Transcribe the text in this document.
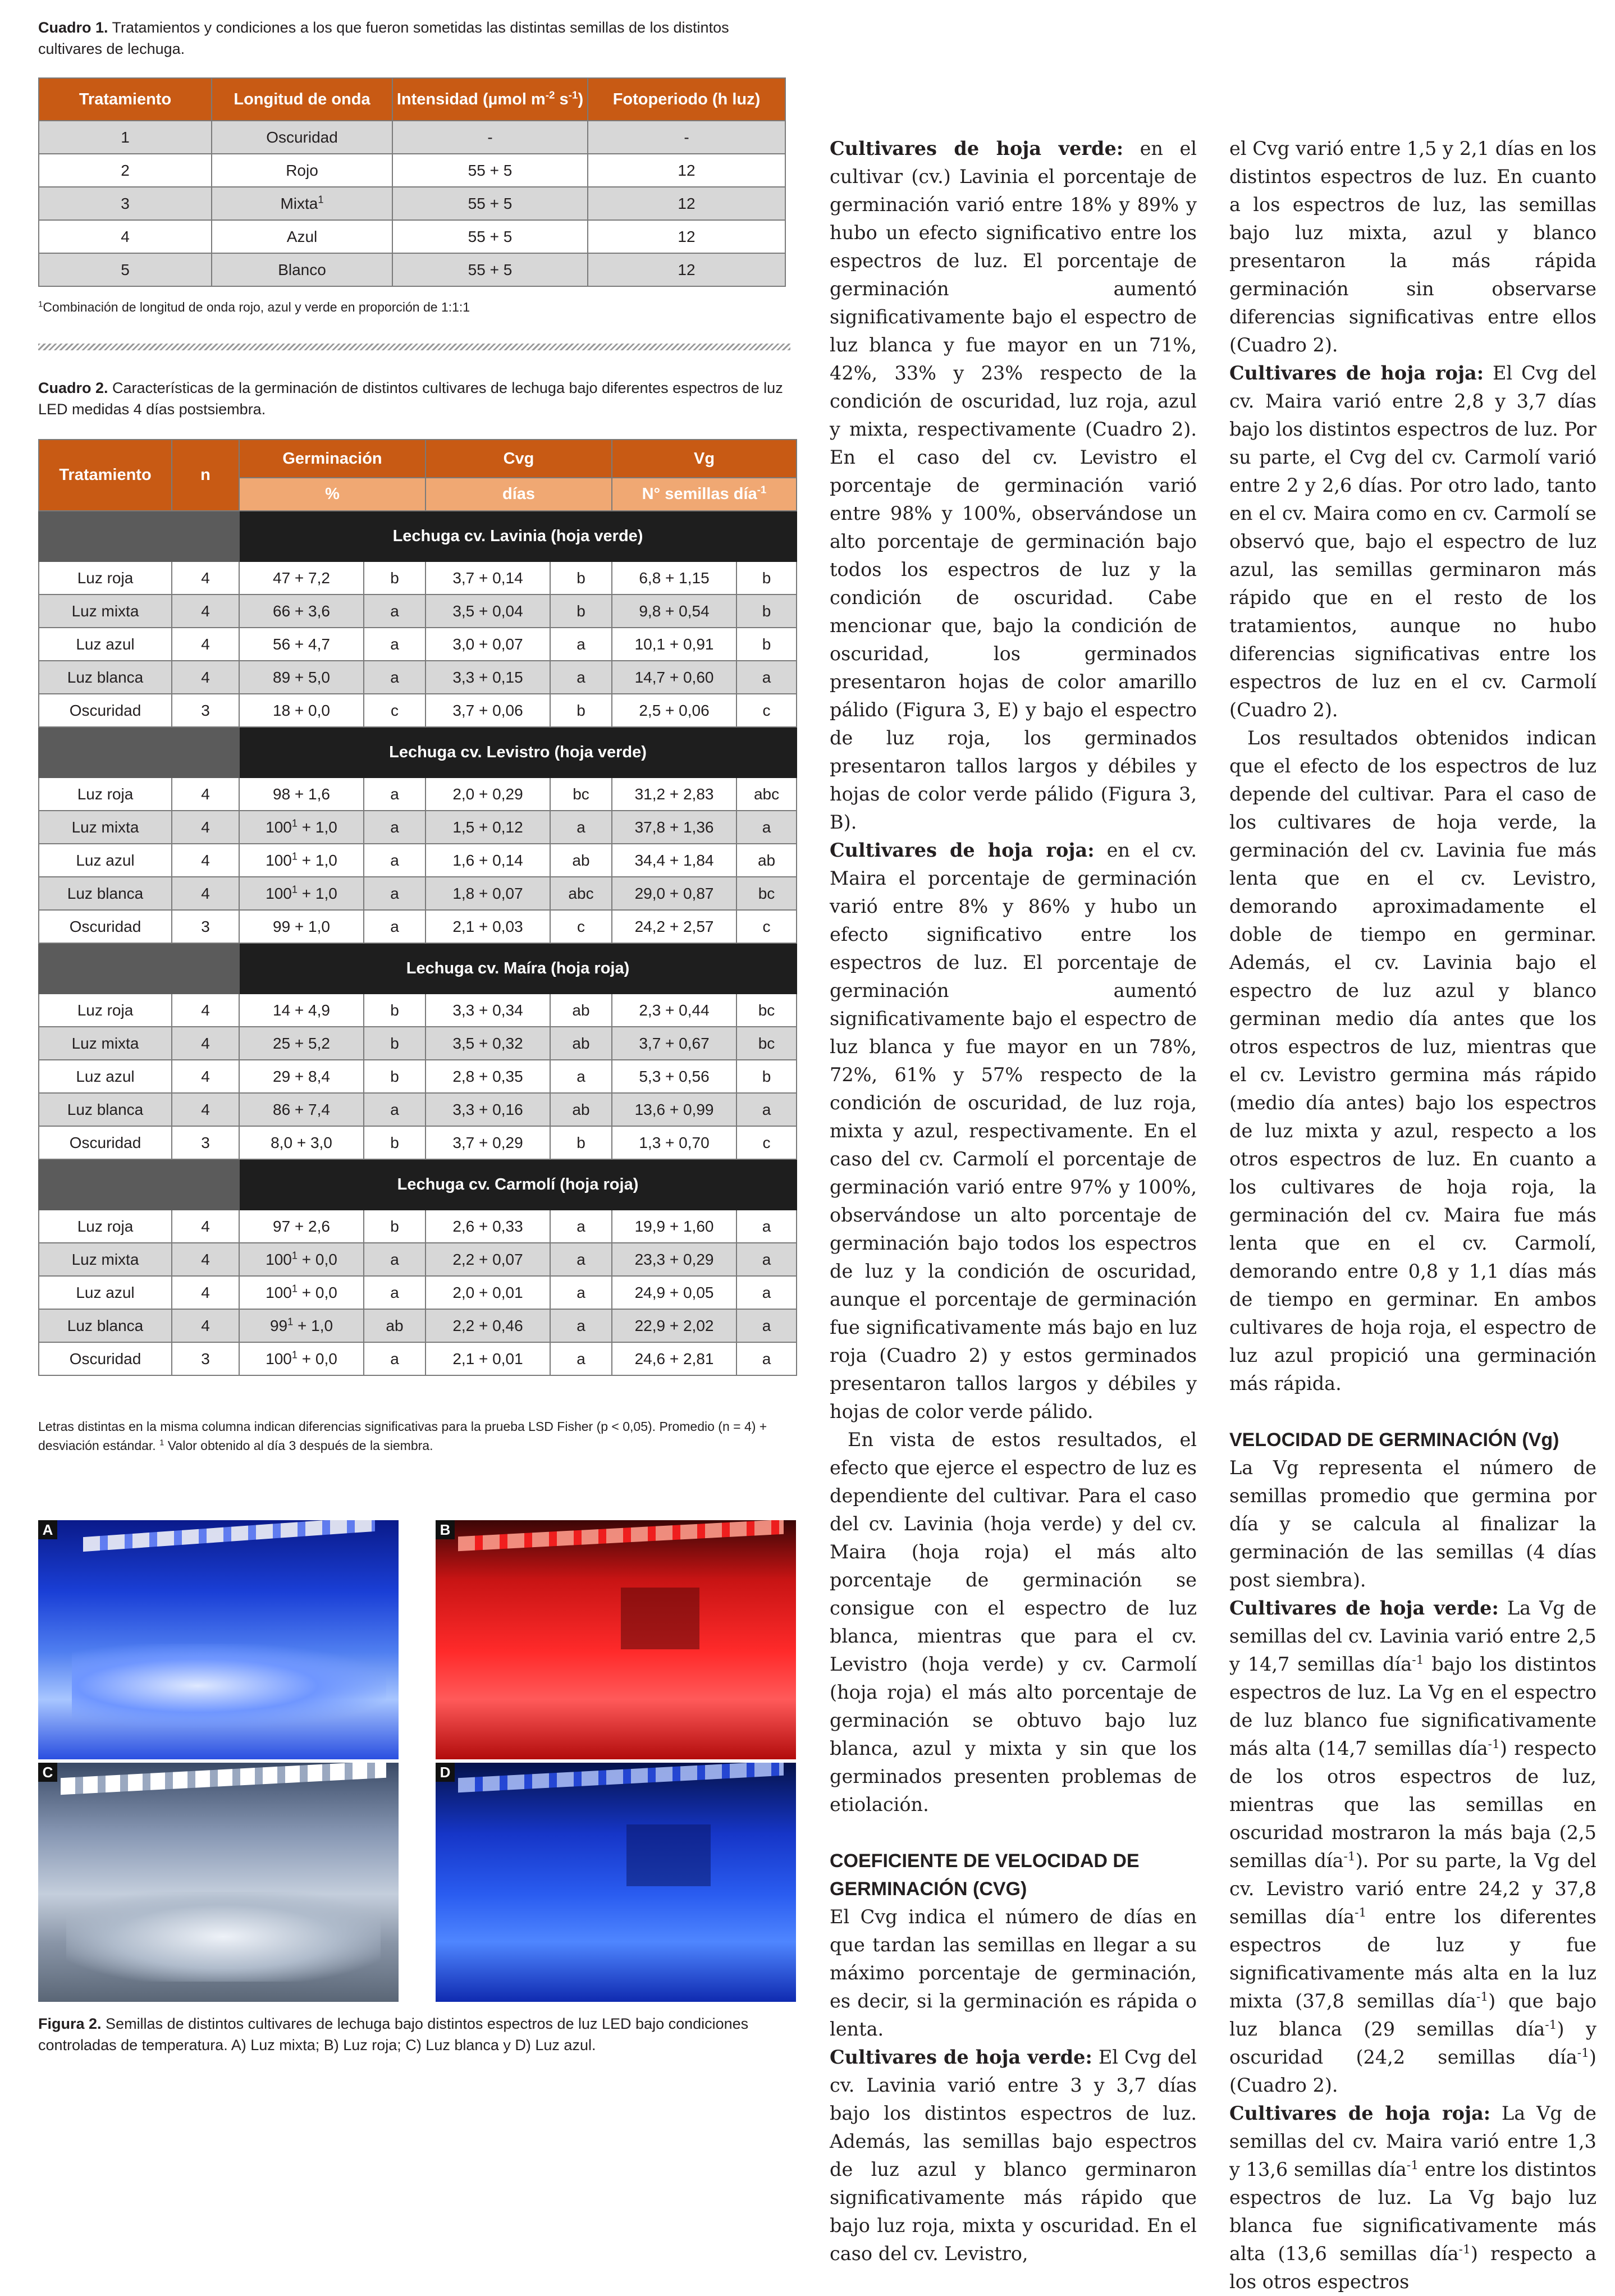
Cuadro 1. Tratamientos y condiciones a los que fueron sometidas las distintas semillas de los distintos cultivares de lechuga.
Tratamiento	Longitud de onda	Intensidad (µmol $m^{-2}$ $s^{-1}$)	Fotoperiodo (h luz)
1	Oscuridad	-	-
2	Rojo	55 + 5	12
3	Mixta$^1$	55 + 5	12
4	Azul	55 + 5	12
5	Blanco	55 + 5	12
$^1$Combinación de longitud de onda rojo, azul y verde en proporción de 1:1:1
Cuadro 2. Características de la germinación de distintos cultivares de lechuga bajo diferentes espectros de luz LED medidas 4 días postsiembra.
Tratamiento	n	Germinación		Cvg		Vg	
		%		días		N° semillas día$^{-1}$
		Lechuga cv. Lavinia (hoja verde)					
Luz roja	4	47 + 7,2	b	3,7 + 0,14	b	6,8 + 1,15	b
Luz mixta	4	66 + 3,6	a	3,5 + 0,04	b	9,8 + 0,54	b
Luz azul	4	56 + 4,7	a	3,0 + 0,07	a	10,1 + 0,91	b
Luz blanca	4	89 + 5,0	a	3,3 + 0,15	a	14,7 + 0,60	a
Oscuridad	3	18 + 0,0	c	3,7 + 0,06	b	2,5 + 0,06	c
		Lechuga cv. Levistro (hoja verde)					
Luz roja	4	98 + 1,6	a	2,0 + 0,29	bc	31,2 + 2,83	abc
Luz mixta	4	$100^1 + 1,0$	a	1,5 + 0,12	a	37,8 + 1,36	a
Luz azul	4	$100^1 + 1,0$	a	1,6 + 0,14	ab	34,4 + 1,84	ab
Luz blanca	4	$100^1 + 1,0$	a	1,8 + 0,07	abc	29,0 + 0,87	bc
Oscuridad	3	99 + 1,0	a	2,1 + 0,03	c	24,2 + 2,57	c
		Lechuga cv. Maíra (hoja roja)					
Luz roja	4	14 + 4,9	b	3,3 + 0,34	ab	2,3 + 0,44	bc
Luz mixta	4	25 + 5,2	b	3,5 + 0,32	ab	3,7 + 0,67	bc
Luz azul	4	29 + 8,4	b	2,8 + 0,35	a	5,3 + 0,56	b
Luz blanca	4	86 + 7,4	a	3,3 + 0,16	ab	13,6 + 0,99	a
Oscuridad	3	8,0 + 3,0	b	3,7 + 0,29	b	1,3 + 0,70	c
		Lechuga cv. Carmolí (hoja roja)					
Luz roja	4	97 + 2,6	b	2,6 + 0,33	a	19,9 + 1,60	a
Luz mixta	4	$100^1 + 0,0$	a	2,2 + 0,07	a	23,3 + 0,29	a
Luz azul	4	$100^1 + 0,0$	a	2,0 + 0,01	a	24,9 + 0,05	a
Luz blanca	4	$99^1 + 1,0$	ab	2,2 + 0,46	a	22,9 + 2,02	a
Oscuridad	3	$100^1 + 0,0$	a	2,1 + 0,01	a	24,6 + 2,81	a
Letras distintas en la misma columna indican diferencias significativas para la prueba LSD Fisher (p < 0,05). Promedio (n = 4) + desviación estándar. $^1$ Valor obtenido al día 3 después de la siembra.
A	B
C	D
Figura 2. Semillas de distintos cultivares de lechuga bajo distintos espectros de luz LED bajo condiciones controladas de temperatura. A) Luz mixta; B) Luz roja; C) Luz blanca y D) Luz azul.

Cultivares de hoja verde: en el cultivar (cv.) Lavinia el porcentaje de germinación varió entre 18% y 89% y hubo un efecto significativo entre los espectros de luz. El porcentaje de germinación aumentó significativamente bajo el espectro de luz blanca y fue mayor en un 71%, 42%, 33% y 23% respecto de la condición de oscuridad, luz roja, azul y mixta, respectivamente (Cuadro 2). En el caso del cv. Levistro el porcentaje de germinación varió entre 98% y 100%, observándose un alto porcentaje de germinación bajo todos los espectros de luz y la condición de oscuridad. Cabe mencionar que, bajo la condición de oscuridad, los germinados presentaron hojas de color amarillo pálido (Figura 3, E) y bajo el espectro de luz roja, los germinados presentaron tallos largos y débiles y hojas de color verde pálido (Figura 3, B).

Cultivares de hoja roja: en el cv. Maira el porcentaje de germinación varió entre 8% y 86% y hubo un efecto significativo entre los espectros de luz. El porcentaje de germinación aumentó significativamente bajo el espectro de luz blanca y fue mayor en un 78%, 72%, 61% y 57% respecto de la condición de oscuridad, de luz roja, mixta y azul, respectivamente. En el caso del cv. Carmolí el porcentaje de germinación varió entre 97% y 100%, observándose un alto porcentaje de germinación bajo todos los espectros de luz y la condición de oscuridad, aunque el porcentaje de germinación fue significativamente más bajo en luz roja (Cuadro 2) y estos germinados presentaron tallos largos y débiles y hojas de color verde pálido.

En vista de estos resultados, el efecto que ejerce el espectro de luz es dependiente del cultivar. Para el caso del cv. Lavinia (hoja verde) y del cv. Maira (hoja roja) el más alto porcentaje de germinación se consigue con el espectro de luz blanca, mientras que para el cv. Levistro (hoja verde) y cv. Carmolí (hoja roja) el más alto porcentaje de germinación se obtuvo bajo luz blanca, azul y mixta y sin que los germinados presenten problemas de etiolación.

COEFICIENTE DE VELOCIDAD DE GERMINACIÓN (CVG)

El Cvg indica el número de días en que tardan las semillas en llegar a su máximo porcentaje de germinación, es decir, si la germinación es rápida o lenta.

Cultivares de hoja verde: El Cvg del cv. Lavinia varió entre 3 y 3,7 días bajo los distintos espectros de luz. Además, las semillas bajo espectros de luz azul y blanco germinaron significativamente más rápido que bajo luz roja, mixta y oscuridad. En el caso del cv. Levistro,

el Cvg varió entre 1,5 y 2,1 días en los distintos espectros de luz. En cuanto a los espectros de luz, las semillas bajo luz mixta, azul y blanco presentaron la más rápida germinación sin observarse diferencias significativas entre ellos (Cuadro 2).

Cultivares de hoja roja: El Cvg del cv. Maira varió entre 2,8 y 3,7 días bajo los distintos espectros de luz. Por su parte, el Cvg del cv. Carmolí varió entre 2 y 2,6 días. Por otro lado, tanto en el cv. Maira como en cv. Carmolí se observó que, bajo el espectro de luz azul, las semillas germinaron más rápido que en el resto de los tratamientos, aunque no hubo diferencias significativas entre los espectros de luz en el cv. Carmolí (Cuadro 2).

Los resultados obtenidos indican que el efecto de los espectros de luz depende del cultivar. Para el caso de los cultivares de hoja verde, la germinación del cv. Lavinia fue más lenta que en el cv. Levistro, demorando aproximadamente el doble de tiempo en germinar. Además, el cv. Lavinia bajo el espectro de luz azul y blanco germinan medio día antes que los otros espectros de luz, mientras que el cv. Levistro germina más rápido (medio día antes) bajo los espectros de luz mixta y azul, respecto a los otros espectros de luz. En cuanto a los cultivares de hoja roja, la germinación del cv. Maira fue más lenta que en el cv. Carmolí, demorando entre 0,8 y 1,1 días más de tiempo en germinar. En ambos cultivares de hoja roja, el espectro de luz azul propició una germinación más rápida.

VELOCIDAD DE GERMINACIÓN (Vg)

La Vg representa el número de semillas promedio que germina por día y se calcula al finalizar la germinación de las semillas (4 días post siembra).

Cultivares de hoja verde: La Vg de semillas del cv. Lavinia varió entre 2,5 y 14,7 semillas día$^{-1}$ bajo los distintos espectros de luz. La Vg en el espectro de luz blanco fue significativamente más alta (14,7 semillas día$^{-1}$) respecto de los otros espectros de luz, mientras que las semillas en oscuridad mostraron la más baja (2,5 semillas día$^{-1}$). Por su parte, la Vg del cv. Levistro varió entre 24,2 y 37,8 semillas día$^{-1}$ entre los diferentes espectros de luz y fue significativamente más alta en la luz mixta (37,8 semillas día$^{-1}$) que bajo luz blanca (29 semillas día$^{-1}$) y oscuridad (24,2 semillas día$^{-1}$) (Cuadro 2).

Cultivares de hoja roja: La Vg de semillas del cv. Maira varió entre 1,3 y 13,6 semillas día$^{-1}$ entre los distintos espectros de luz. La Vg bajo luz blanca fue significativamente más alta (13,6 semillas día$^{-1}$) respecto a los otros espectros
